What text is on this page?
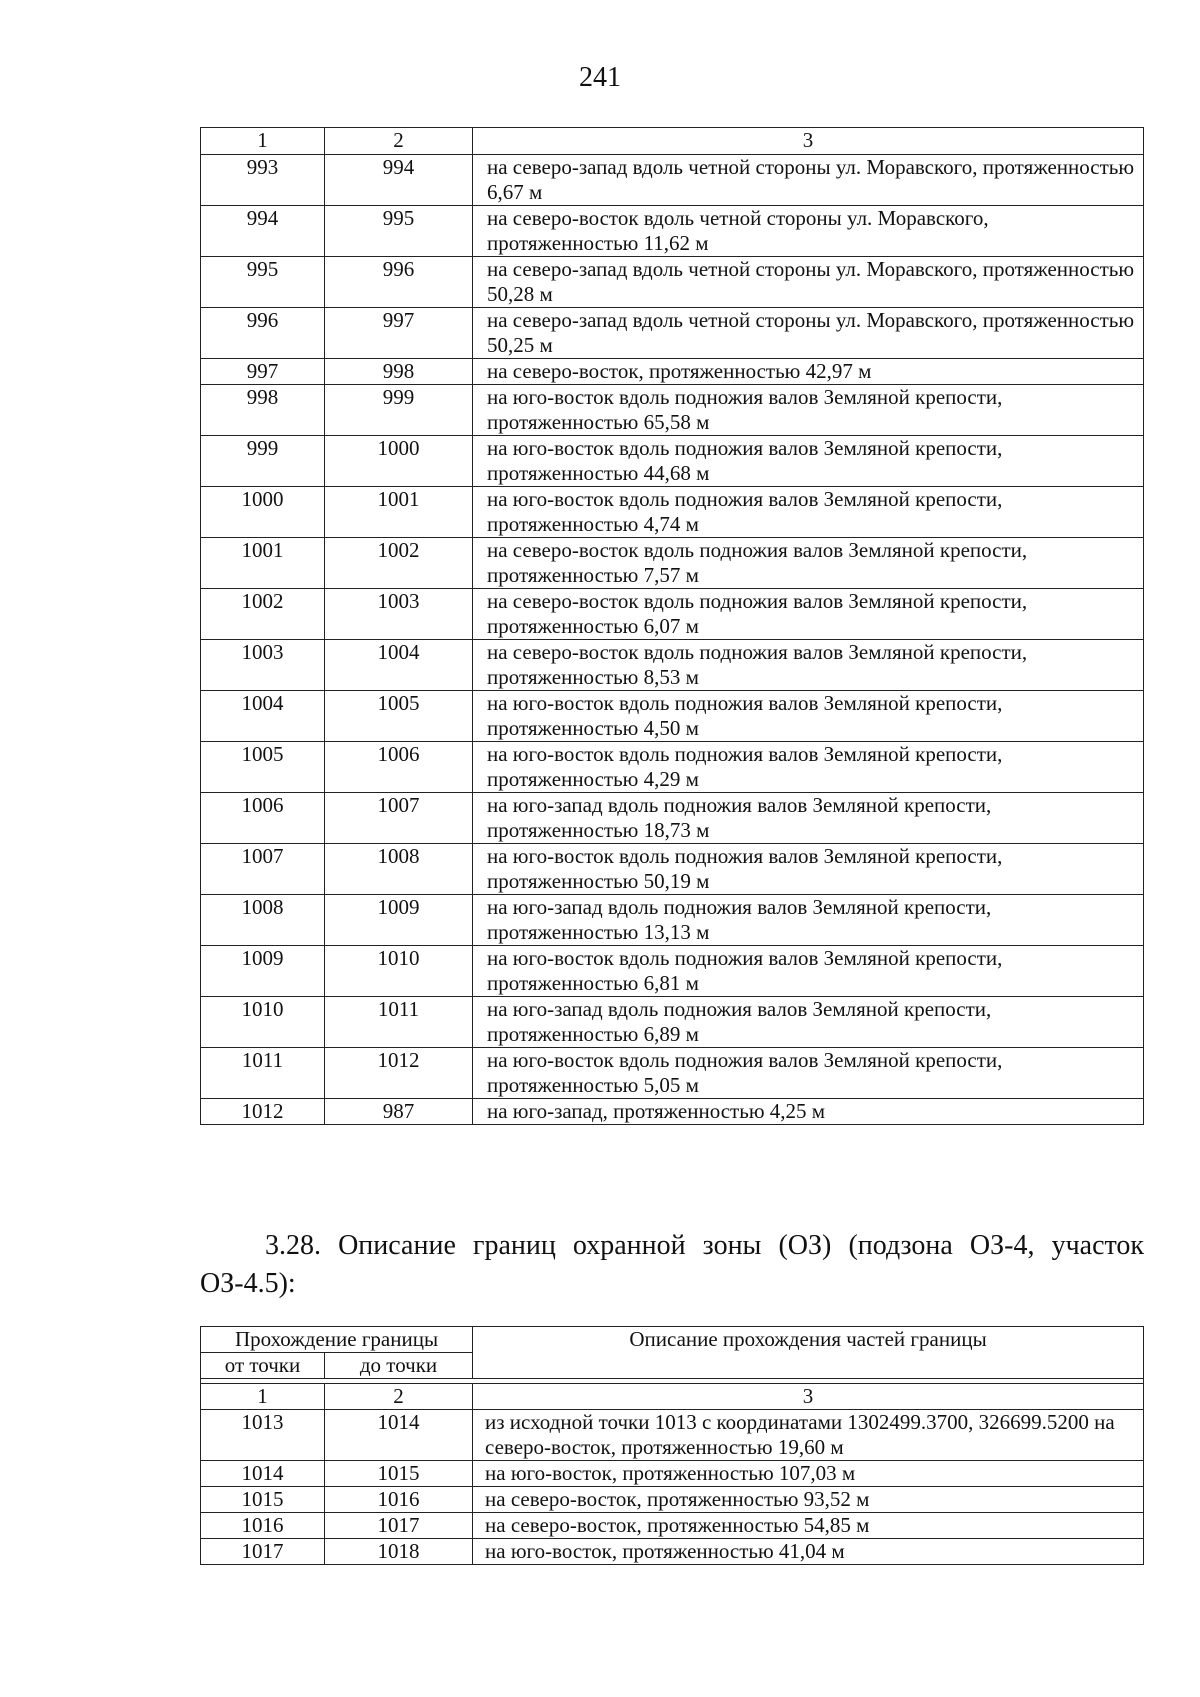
241
1	2	3
993	994	на северо-запад вдоль четной стороны ул. Моравского, протяженностью 6,67 м
994	995	на северо-восток вдоль четной стороны ул. Моравского, протяженностью 11,62 м
995	996	на северо-запад вдоль четной стороны ул. Моравского, протяженностью 50,28 м
996	997	на северо-запад вдоль четной стороны ул. Моравского, протяженностью 50,25 м
997	998	на северо-восток, протяженностью 42,97 м
998	999	на юго-восток вдоль подножия валов Земляной крепости, протяженностью 65,58 м
999	1000	на юго-восток вдоль подножия валов Земляной крепости, протяженностью 44,68 м
1000	1001	на юго-восток вдоль подножия валов Земляной крепости, протяженностью 4,74 м
1001	1002	на северо-восток вдоль подножия валов Земляной крепости, протяженностью 7,57 м
1002	1003	на северо-восток вдоль подножия валов Земляной крепости, протяженностью 6,07 м
1003	1004	на северо-восток вдоль подножия валов Земляной крепости, протяженностью 8,53 м
1004	1005	на юго-восток вдоль подножия валов Земляной крепости, протяженностью 4,50 м
1005	1006	на юго-восток вдоль подножия валов Земляной крепости, протяженностью 4,29 м
1006	1007	на юго-запад вдоль подножия валов Земляной крепости, протяженностью 18,73 м
1007	1008	на юго-восток вдоль подножия валов Земляной крепости, протяженностью 50,19 м
1008	1009	на юго-запад вдоль подножия валов Земляной крепости, протяженностью 13,13 м
1009	1010	на юго-восток вдоль подножия валов Земляной крепости, протяженностью 6,81 м
1010	1011	на юго-запад вдоль подножия валов Земляной крепости, протяженностью 6,89 м
1011	1012	на юго-восток вдоль подножия валов Земляной крепости, протяженностью 5,05 м
1012	987	на юго-запад, протяженностью 4,25 м

3.28. Описание границ охранной зоны (ОЗ) (подзона ОЗ-4, участок ОЗ-4.5):

Прохождение границы		Описание прохождения частей границы
от точки	до точки	

1	2	3
1013	1014	из исходной точки 1013 с координатами 1302499.3700, 326699.5200 на северо-восток, протяженностью 19,60 м
1014	1015	на юго-восток, протяженностью 107,03 м
1015	1016	на северо-восток, протяженностью 93,52 м
1016	1017	на северо-восток, протяженностью 54,85 м
1017	1018	на юго-восток, протяженностью 41,04 м
